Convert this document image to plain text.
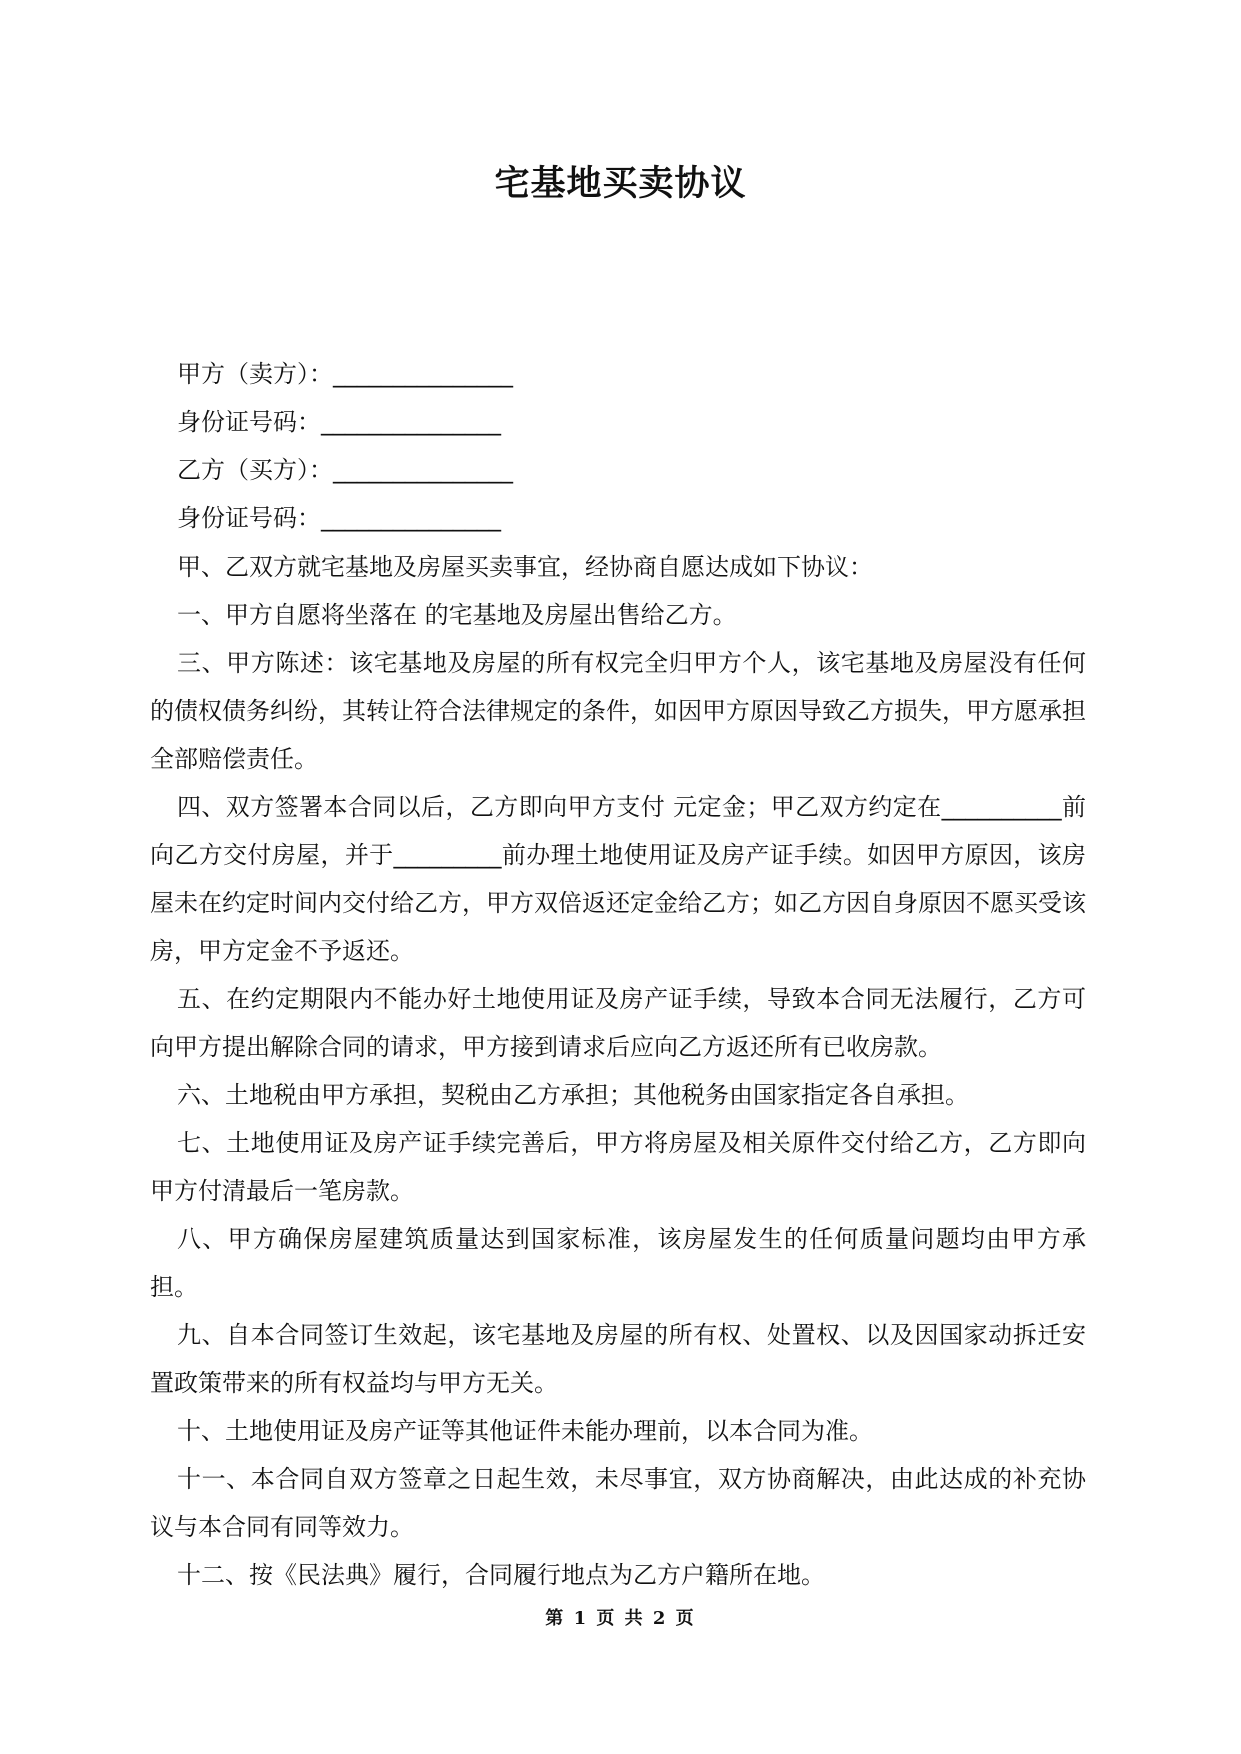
宅基地买卖协议
甲方（卖方）：_______________
身份证号码：_______________
乙方（买方）：_______________
身份证号码：_______________

甲、乙双方就宅基地及房屋买卖事宜，经协商自愿达成如下协议：

一、甲方自愿将坐落在 的宅基地及房屋出售给乙方。

三、甲方陈述：该宅基地及房屋的所有权完全归甲方个人，该宅基地及房屋没有任何的债权债务纠纷，其转让符合法律规定的条件，如因甲方原因导致乙方损失，甲方愿承担全部赔偿责任。

四、双方签署本合同以后，乙方即向甲方支付 元定金；甲乙双方约定在__________前向乙方交付房屋，并于_________前办理土地使用证及房产证手续。如因甲方原因，该房屋未在约定时间内交付给乙方，甲方双倍返还定金给乙方；如乙方因自身原因不愿买受该房，甲方定金不予返还。

五、在约定期限内不能办好土地使用证及房产证手续，导致本合同无法履行，乙方可向甲方提出解除合同的请求，甲方接到请求后应向乙方返还所有已收房款。

六、土地税由甲方承担，契税由乙方承担；其他税务由国家指定各自承担。

七、土地使用证及房产证手续完善后，甲方将房屋及相关原件交付给乙方，乙方即向甲方付清最后一笔房款。

八、甲方确保房屋建筑质量达到国家标准，该房屋发生的任何质量问题均由甲方承担。

九、自本合同签订生效起，该宅基地及房屋的所有权、处置权、以及因国家动拆迁安置政策带来的所有权益均与甲方无关。

十、土地使用证及房产证等其他证件未能办理前，以本合同为准。

十一、本合同自双方签章之日起生效，未尽事宜，双方协商解决，由此达成的补充协议与本合同有同等效力。

十二、按《民法典》履行，合同履行地点为乙方户籍所在地。

第 1 页 共 2 页
